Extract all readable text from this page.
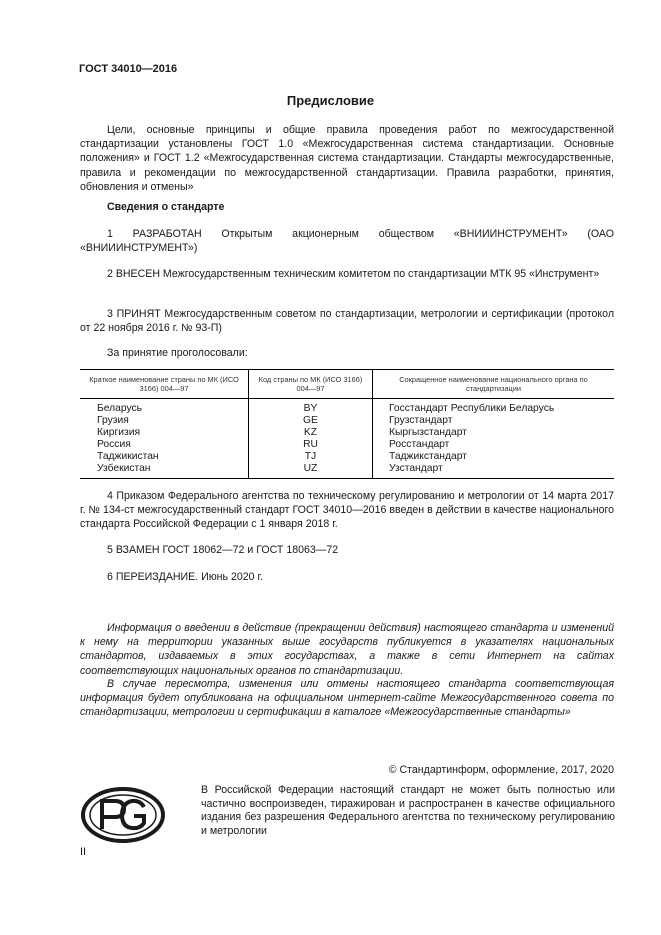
ГОСТ 34010—2016
Предисловие
Цели, основные принципы и общие правила проведения работ по межгосударственной стандартизации установлены ГОСТ 1.0 «Межгосударственная система стандартизации. Основные положения» и ГОСТ 1.2 «Межгосударственная система стандартизации. Стандарты межгосударственные, правила и рекомендации по межгосударственной стандартизации. Правила разработки, принятия, обновления и отмены»
Сведения о стандарте
1 РАЗРАБОТАН Открытым акционерным обществом «ВНИИИНСТРУМЕНТ» (ОАО «ВНИИИНСТРУМЕНТ»)
2 ВНЕСЕН Межгосударственным техническим комитетом по стандартизации МТК 95 «Инструмент»
3 ПРИНЯТ Межгосударственным советом по стандартизации, метрологии и сертификации (протокол от 22 ноября 2016 г. № 93-П)
За принятие проголосовали:
Краткое наименование страны по МК (ИСО 3166) 004—97	Код страны по МК (ИСО 3166) 004—97	Сокращенное наименование национального органа по стандартизации
Беларусь	BY	Госстандарт Республики Беларусь
Грузия	GE	Грузстандарт
Киргизия	KZ	Кыргызстандарт
Россия	RU	Росстандарт
Таджикистан	TJ	Таджикстандарт
Узбекистан	UZ	Узстандарт
4 Приказом Федерального агентства по техническому регулированию и метрологии от 14 марта 2017 г. № 134-ст межгосударственный стандарт ГОСТ 34010—2016 введен в действии в качестве национального стандарта Российской Федерации с 1 января 2018 г.
5 ВЗАМЕН ГОСТ 18062—72 и ГОСТ 18063—72
6 ПЕРЕИЗДАНИЕ. Июнь 2020 г.
Информация о введении в действие (прекращении действия) настоящего стандарта и изменений к нему на территории указанных выше государств публикуется в указателях национальных стандартов, издаваемых в этих государствах, а также в сети Интернет на сайтах соответствующих национальных органов по стандартизации.
В случае пересмотра, изменения или отмены настоящего стандарта соответствующая информация будет опубликована на официальном интернет-сайте Межгосударственного совета по стандартизации, метрологии и сертификации в каталоге «Межгосударственные стандарты»
© Стандартинформ, оформление, 2017, 2020
В Российской Федерации настоящий стандарт не может быть полностью или частично воспроизведен, тиражирован и распространен в качестве официального издания без разрешения Федерального агентства по техническому регулированию и метрологии
II
